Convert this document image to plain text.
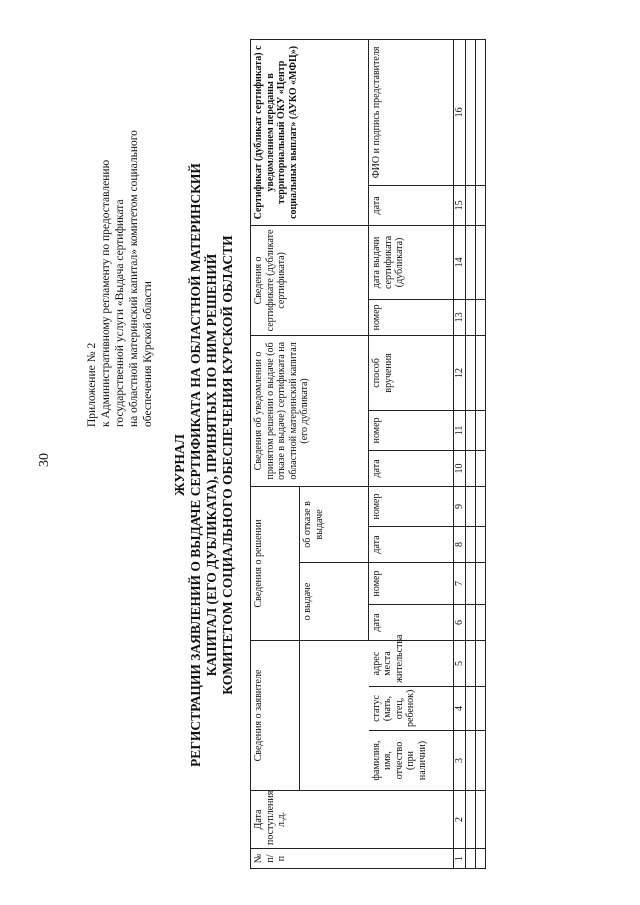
30
Приложение № 2 к Административному регламенту по предоставлению государственной услуги «Выдача сертификата на областной материнский капитал» комитетом социального обеспечения Курской области
ЖУРНАЛ РЕГИСТРАЦИИ ЗАЯВЛЕНИЙ О ВЫДАЧЕ СЕРТИФИКАТА НА ОБЛАСТНОЙ МАТЕРИНСКИЙ КАПИТАЛ (ЕГО ДУБЛИКАТА), ПРИНЯТЫХ ПО НИМ РЕШЕНИЙ КОМИТЕТОМ СОЦИАЛЬНОГО ОБЕСПЕЧЕНИЯ КУРСКОЙ ОБЛАСТИ
№ п/п	Дата поступления л.д.	Сведения о заявителе			Сведения о решении				Сведения об уведомлении о принятом решении о выдаче (об отказе в выдаче) сертификата на областной материнский капитал (его дубликата)			Сведения о сертификате (дубликате сертификата)		Сертификат (дубликат сертификата) с уведомлением переданы в территориальный ОКУ «Центр социальных выплат» (АУКО «МФЦ»)	
					о выдаче		об отказе в выдаче								
		фамилия, имя, отчество (при наличии)	статус (мать, отец, ребенок)	адрес места жительства	дата	номер	дата	номер	дата	номер	способ вручения	номер	дата выдачи сертификата (дубликата)	дата	ФИО и подпись представителя
1	2	3	4	5	6	7	8	9	10	11	12	13	14	15	16
